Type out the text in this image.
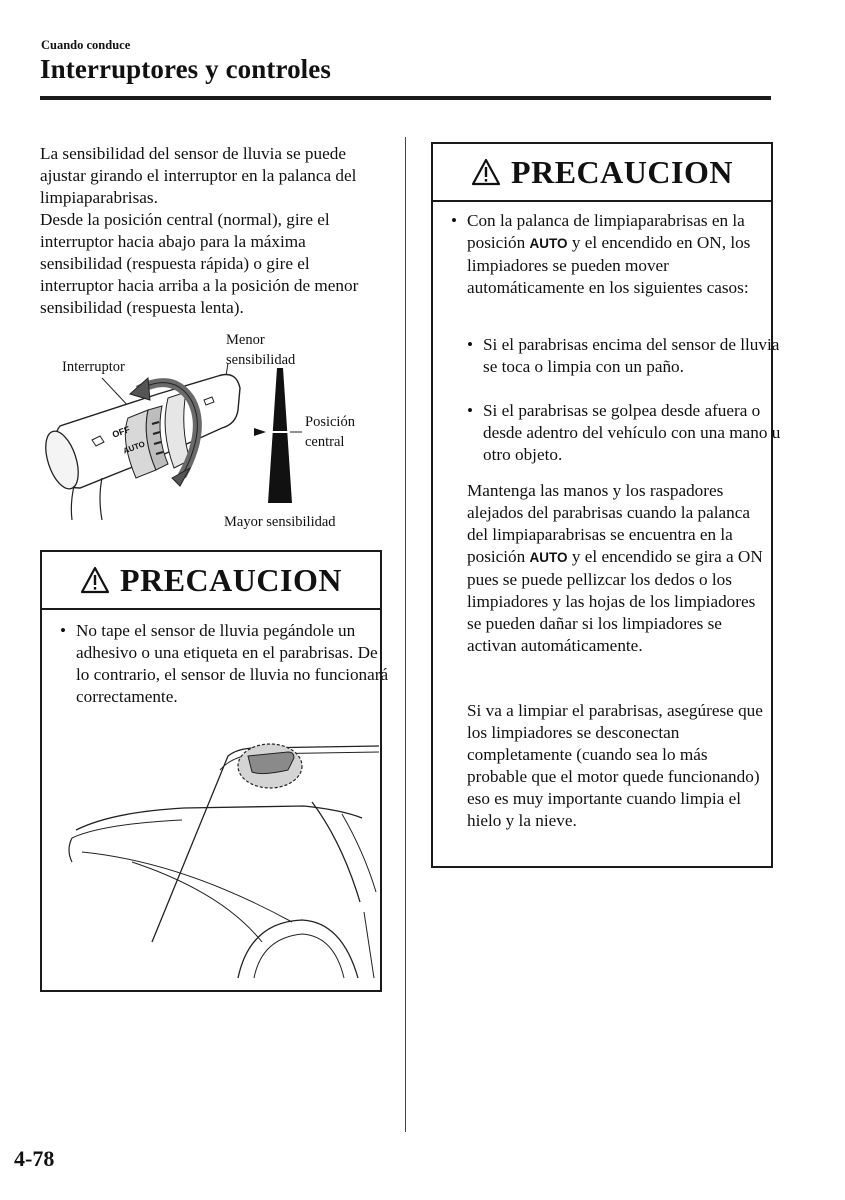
Cuando conduce
Interruptores y controles

La sensibilidad del sensor de lluvia se puede ajustar girando el interruptor en la palanca del limpiaparabrisas.

Desde la posición central (normal), gire el interruptor hacia abajo para la máxima sensibilidad (respuesta rápida) o gire el interruptor hacia arriba a la posición de menor sensibilidad (respuesta lenta).

OFF
AUTO
Interruptor
Menor
sensibilidad
Posición
central
Mayor sensibilidad
PRECAUCION
• No tape el sensor de lluvia pegándole un adhesivo o una etiqueta en el parabrisas. De lo contrario, el sensor de lluvia no funcionará correctamente.
PRECAUCION
• Con la palanca de limpiaparabrisas en la posición AUTO y el encendido en ON, los limpiadores se pueden mover automáticamente en los siguientes casos:
• Si el parabrisas encima del sensor de lluvia se toca o limpia con un paño.
• Si el parabrisas se golpea desde afuera o desde adentro del vehículo con una mano u otro objeto.
Mantenga las manos y los raspadores alejados del parabrisas cuando la palanca del limpiaparabrisas se encuentra en la posición AUTO y el encendido se gira a ON pues se puede pellizcar los dedos o los limpiadores y las hojas de los limpiadores se pueden dañar si los limpiadores se activan automáticamente.
Si va a limpiar el parabrisas, asegúrese que los limpiadores se desconectan completamente (cuando sea lo más probable que el motor quede funcionando) eso es muy importante cuando limpia el hielo y la nieve.
4-78
